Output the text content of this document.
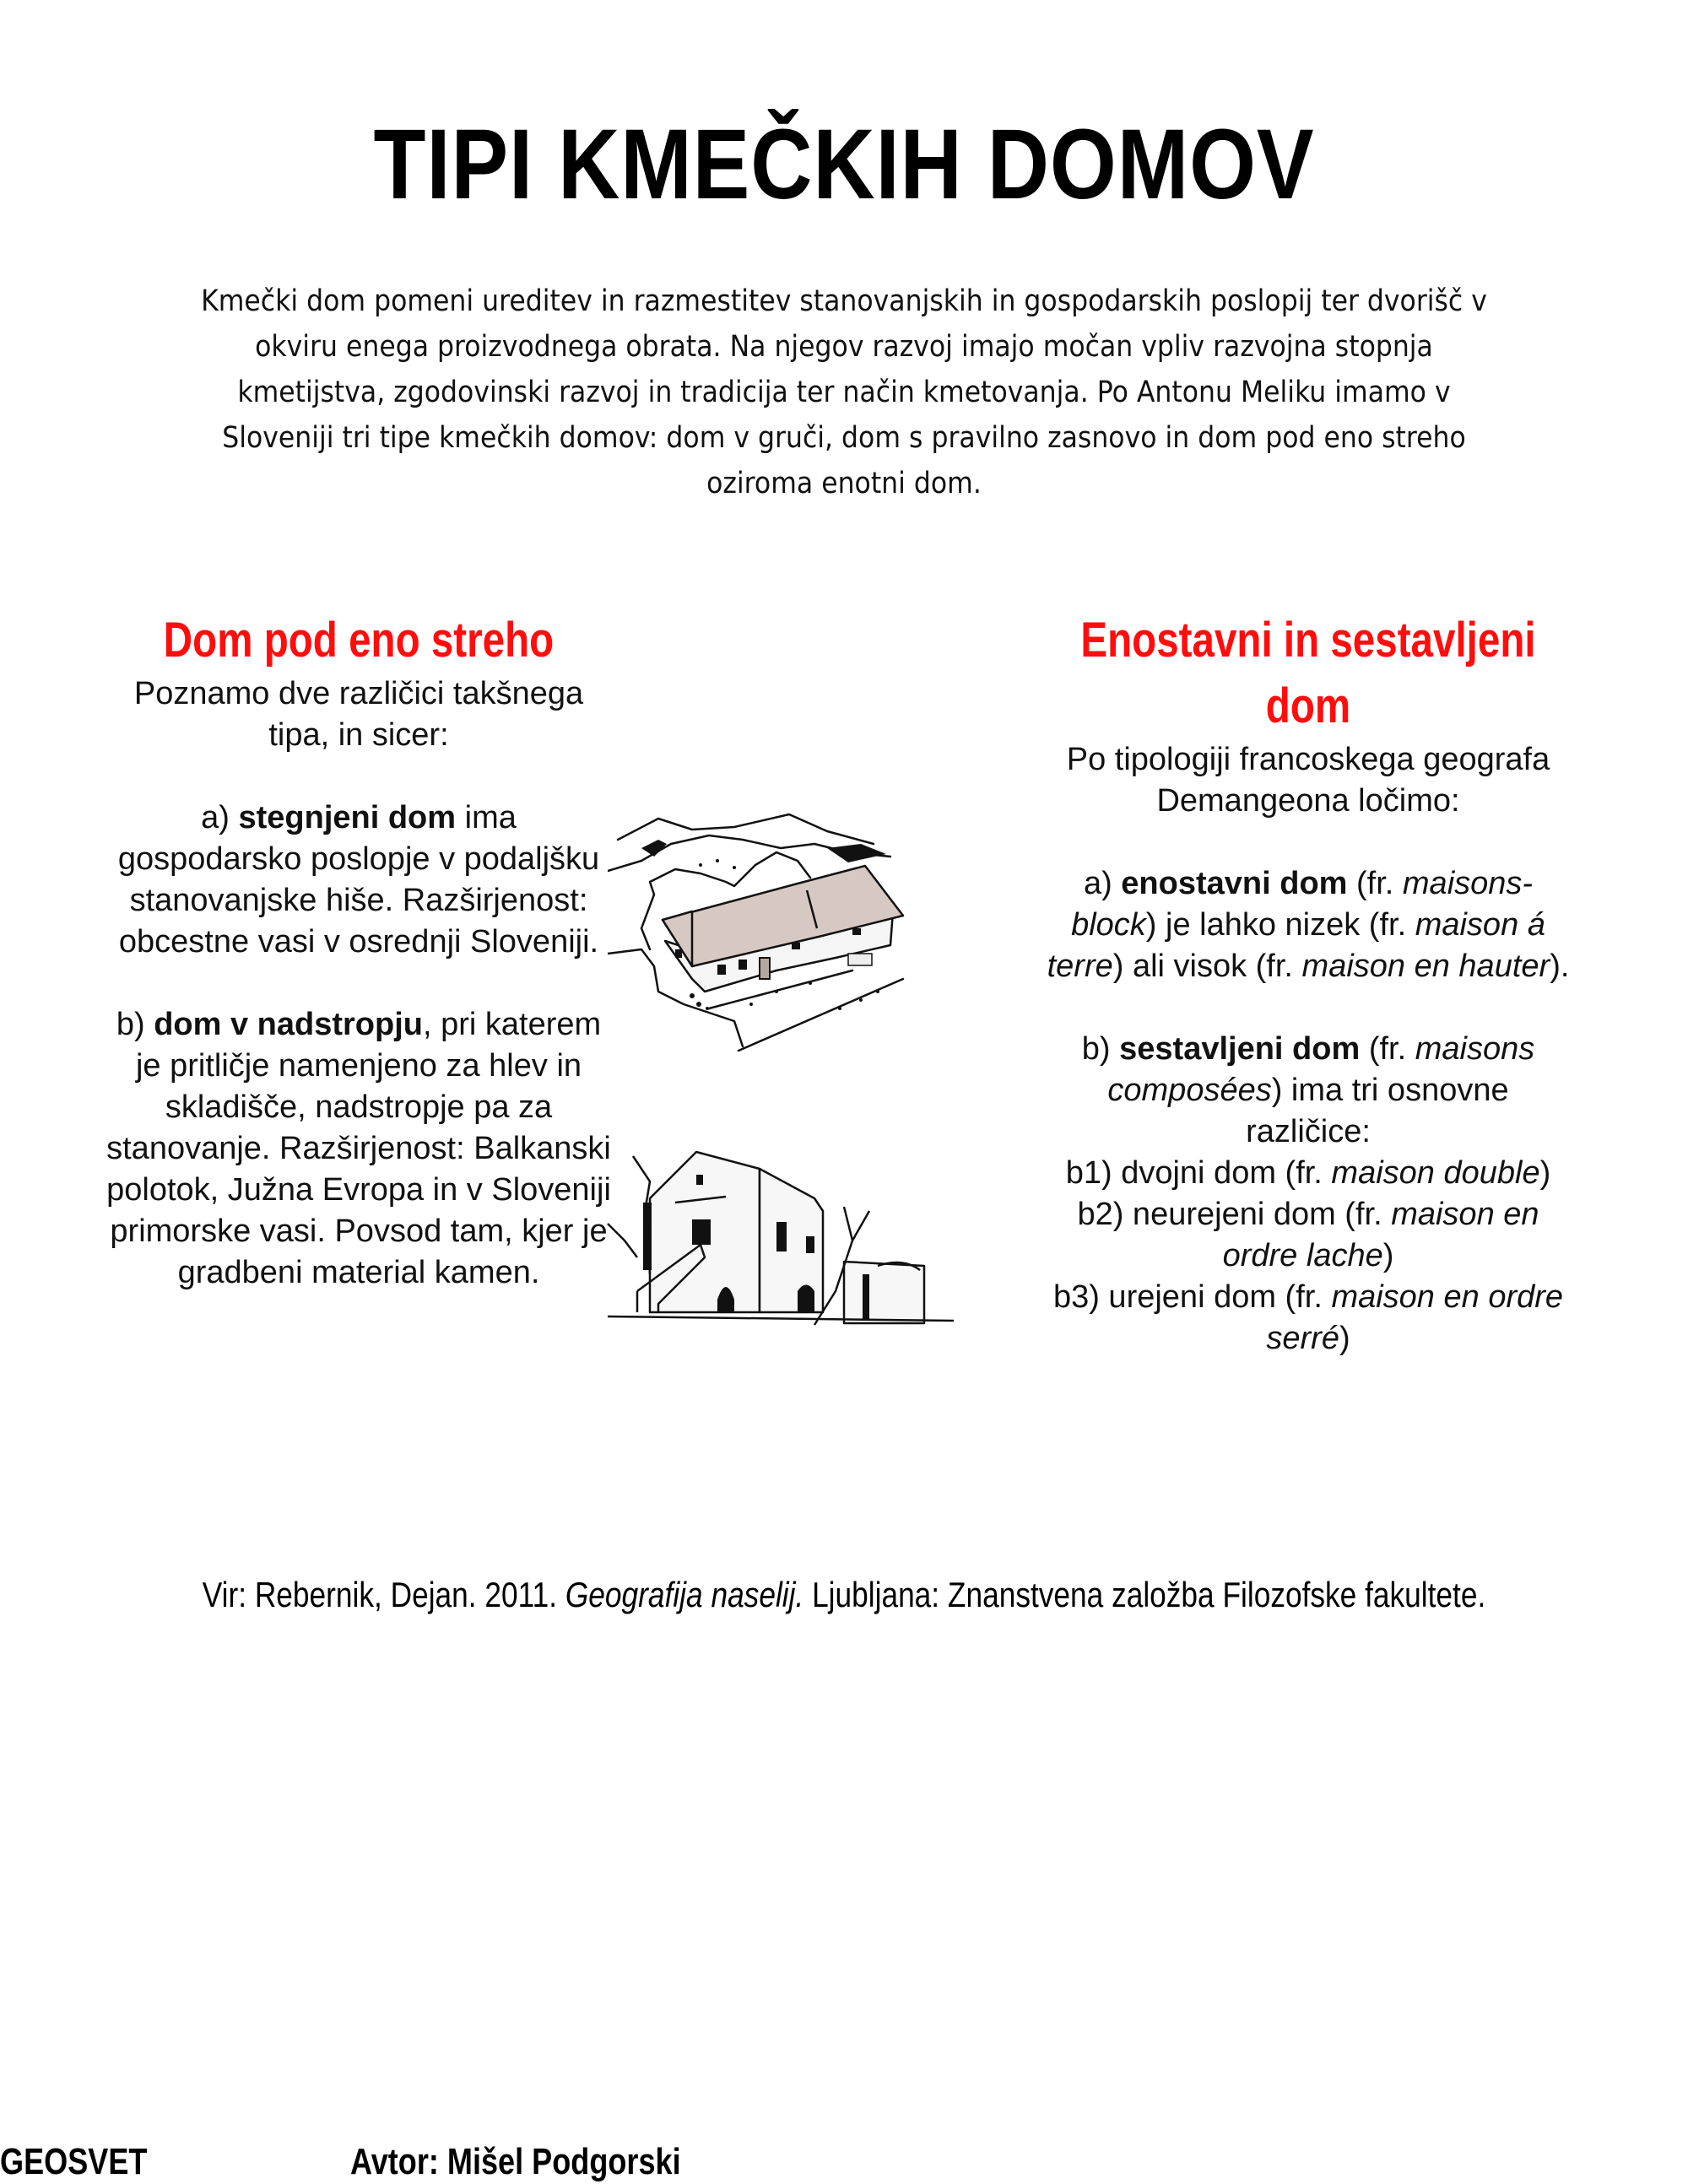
TIPI KMEČKIH DOMOV
Kmečki dom pomeni ureditev in razmestitev stanovanjskih in gospodarskih poslopij ter dvorišč v okviru enega proizvodnega obrata. Na njegov razvoj imajo močan vpliv razvojna stopnja kmetijstva, zgodovinski razvoj in tradicija ter način kmetovanja. Po Antonu Meliku imamo v Sloveniji tri tipe kmečkih domov: dom v gruči, dom s pravilno zasnovo in dom pod eno streho oziroma enotni dom.
Dom pod eno streho

Poznamo dve različici takšnega tipa, in sicer:

a) stegnjeni dom ima gospodarsko poslopje v podaljšku stanovanjske hiše. Razširjenost: obcestne vasi v osrednji Sloveniji.

b) dom v nadstropju, pri katerem je pritličje namenjeno za hlev in skladišče, nadstropje pa za stanovanje. Razširjenost: Balkanski polotok, Južna Evropa in v Sloveniji primorske vasi. Povsod tam, kjer je gradbeni material kamen.

Enostavni in sestavljeni dom

Po tipologiji francoskega geografa Demangeona ločimo:

a) enostavni dom (fr. maisons-block) je lahko nizek (fr. maison á terre) ali visok (fr. maison en hauter).

b) sestavljeni dom (fr. maisons composées) ima tri osnovne različice:

b1) dvojni dom (fr. maison double)

b2) neurejeni dom (fr. maison en ordre lache)

b3) urejeni dom (fr. maison en ordre serré)

Vir: Rebernik, Dejan. 2011. Geografija naselij. Ljubljana: Znanstvena založba Filozofske fakultete.
GEOSVET	Avtor: Mišel Podgorski
